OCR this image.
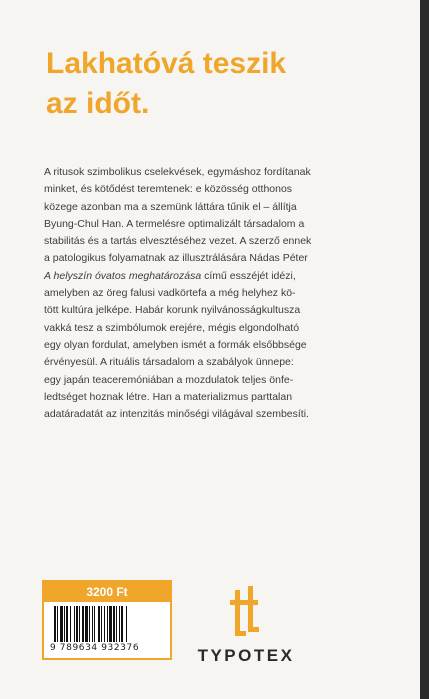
Lakhatóvá teszik
az időt.

A ritusok szimbolikus cselekvések, egymáshoz fordítanak
minket, és kötődést teremtenek: e közösség otthonos
közege azonban ma a szemünk láttára tűnik el – állítja
Byung-Chul Han. A termelésre optimalizált társadalom a
stabilitás és a tartás elvesztéséhez vezet. A szerző ennek
a patologikus folyamatnak az illusztrálására Nádas Péter
A helyszín óvatos meghatározása című esszéjét idézi,
amelyben az öreg falusi vadkörtefa a még helyhez kö-
tött kultúra jelképe. Habár korunk nyilvánosságkultusza
vakká tesz a szimbólumok erejére, mégis elgondolható
egy olyan fordulat, amelyben ismét a formák elsőbbsége
érvényesül. A rituális társadalom a szabályok ünnepe:
egy japán teaceremóniában a mozdulatok teljes önfe-
ledtséget hoznak létre. Han a materializmus parttalan
adatáradatát az intenzitás minőségi világával szembesíti.

3200 Ft
9 789634 932376	TYPOTEX
